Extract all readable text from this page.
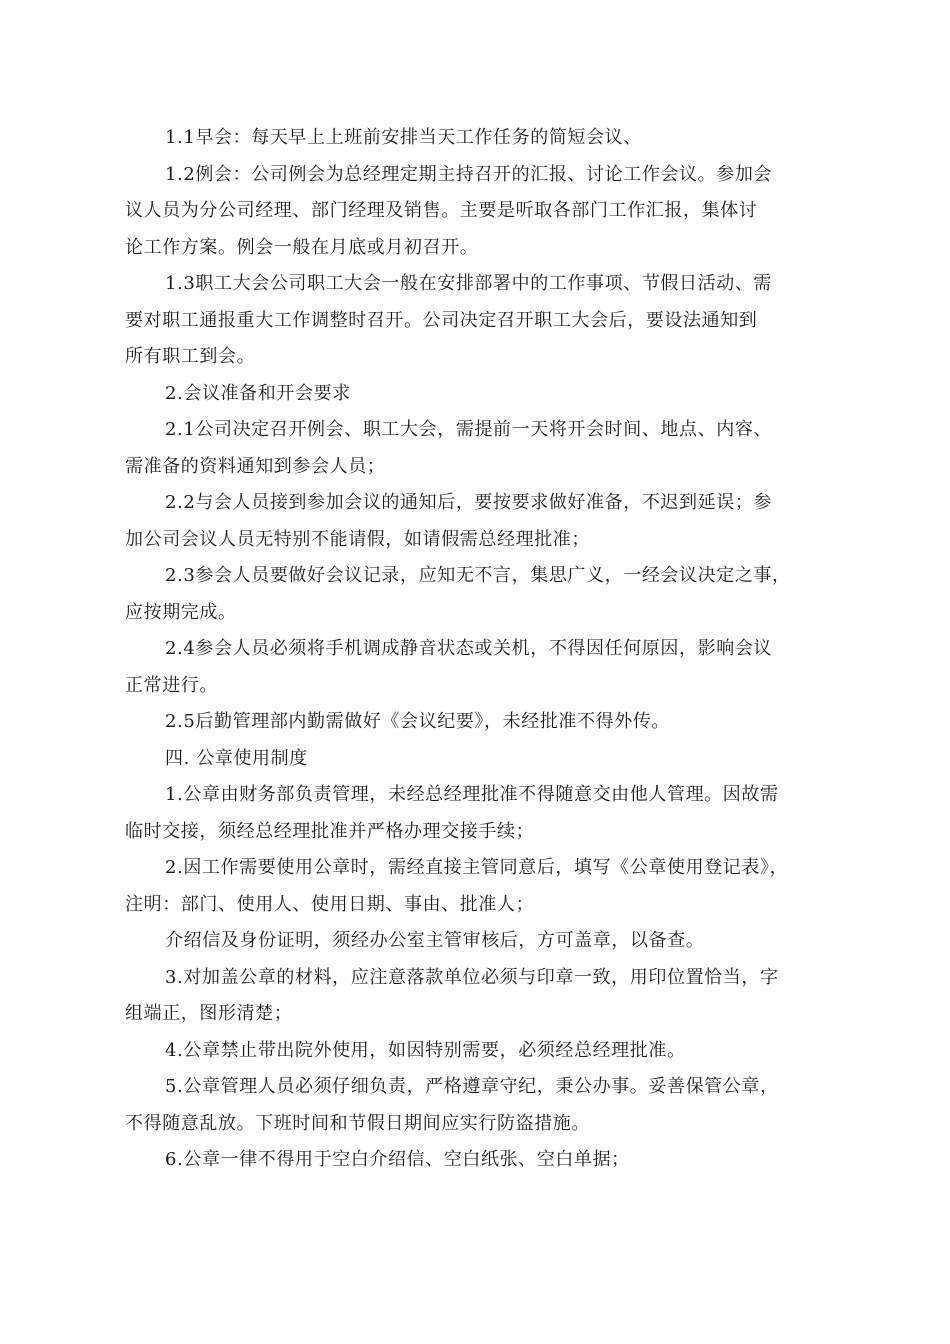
1.1早会：每天早上上班前安排当天工作任务的简短会议、

1.2例会：公司例会为总经理定期主持召开的汇报、讨论工作会议。参加会
议人员为分公司经理、部门经理及销售。主要是听取各部门工作汇报，集体讨
论工作方案。例会一般在月底或月初召开。

1.3职工大会公司职工大会一般在安排部署中的工作事项、节假日活动、需
要对职工通报重大工作调整时召开。公司决定召开职工大会后，要设法通知到
所有职工到会。

2.会议准备和开会要求

2.1公司决定召开例会、职工大会，需提前一天将开会时间、地点、内容、
需准备的资料通知到参会人员；

2.2与会人员接到参加会议的通知后，要按要求做好准备，不迟到延误；参
加公司会议人员无特别不能请假，如请假需总经理批准；

2.3参会人员要做好会议记录，应知无不言，集思广义，一经会议决定之事，
应按期完成。

2.4参会人员必须将手机调成静音状态或关机，不得因任何原因，影响会议
正常进行。

2.5后勤管理部内勤需做好《会议纪要》，未经批准不得外传。

四. 公章使用制度

1.公章由财务部负责管理，未经总经理批准不得随意交由他人管理。因故需
临时交接，须经总经理批准并严格办理交接手续；

2.因工作需要使用公章时，需经直接主管同意后，填写《公章使用登记表》，
注明：部门、使用人、使用日期、事由、批准人；

介绍信及身份证明，须经办公室主管审核后，方可盖章，以备查。

3.对加盖公章的材料，应注意落款单位必须与印章一致，用印位置恰当，字
组端正，图形清楚；

4.公章禁止带出院外使用，如因特别需要，必须经总经理批准。

5.公章管理人员必须仔细负责，严格遵章守纪，秉公办事。妥善保管公章，
不得随意乱放。下班时间和节假日期间应实行防盗措施。

6.公章一律不得用于空白介绍信、空白纸张、空白单据；
